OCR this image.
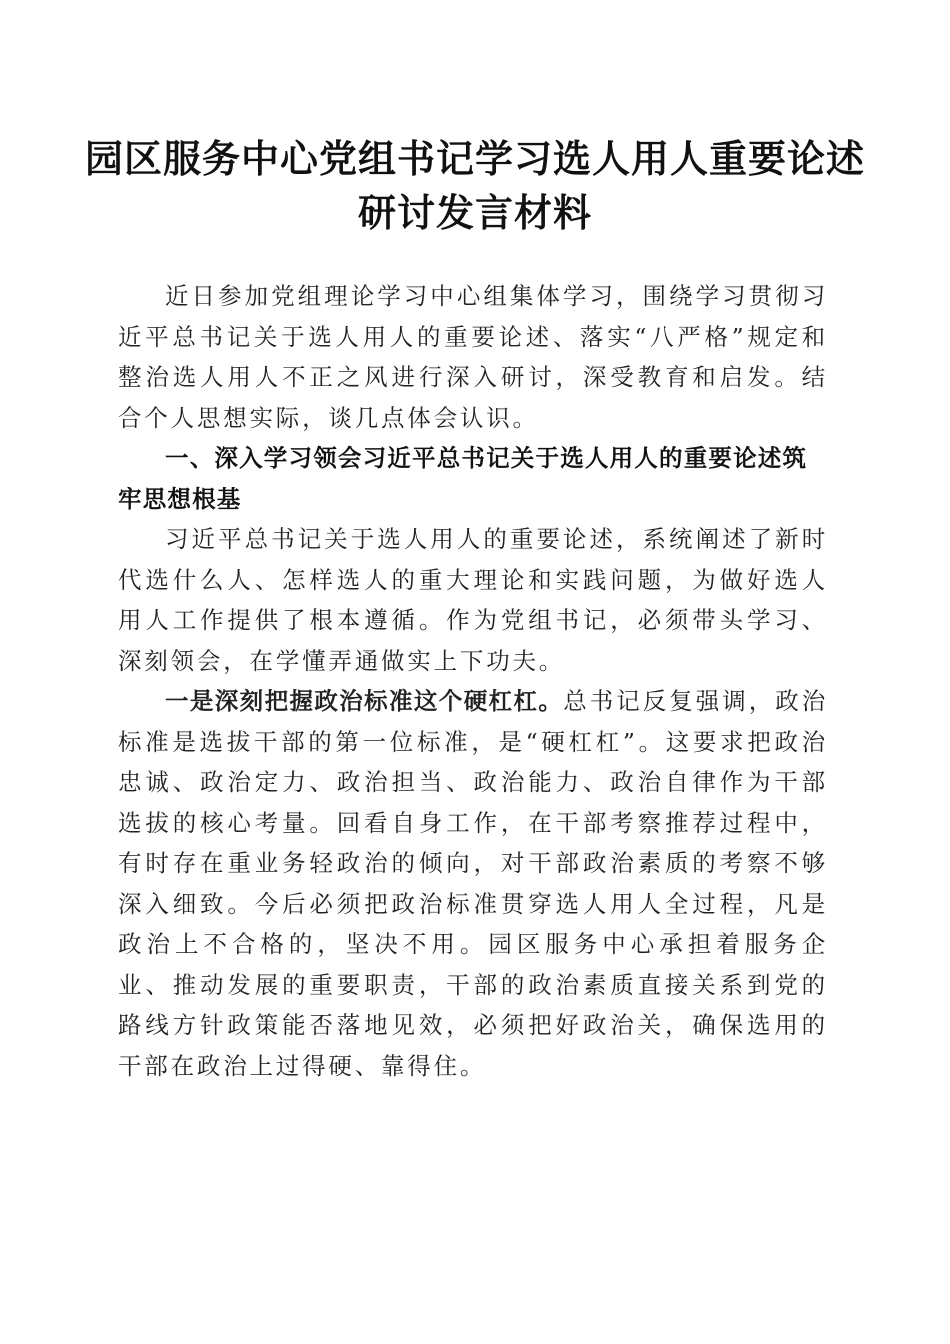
园区服务中心党组书记学习选人用人重要论述
研讨发言材料

近日参加党组理论学习中心组集体学习，围绕学习贯彻习近平总书记关于选人用人的重要论述、落实“八严格”规定和整治选人用人不正之风进行深入研讨，深受教育和启发。结合个人思想实际，谈几点体会认识。

一、深入学习领会习近平总书记关于选人用人的重要论述筑牢思想根基

习近平总书记关于选人用人的重要论述，系统阐述了新时代选什么人、怎样选人的重大理论和实践问题，为做好选人用人工作提供了根本遵循。作为党组书记，必须带头学习、深刻领会，在学懂弄通做实上下功夫。

一是深刻把握政治标准这个硬杠杠。总书记反复强调，政治标准是选拔干部的第一位标准，是“硬杠杠”。这要求把政治忠诚、政治定力、政治担当、政治能力、政治自律作为干部选拔的核心考量。回看自身工作，在干部考察推荐过程中，有时存在重业务轻政治的倾向，对干部政治素质的考察不够深入细致。今后必须把政治标准贯穿选人用人全过程，凡是政治上不合格的，坚决不用。园区服务中心承担着服务企业、推动发展的重要职责，干部的政治素质直接关系到党的路线方针政策能否落地见效，必须把好政治关，确保选用的干部在政治上过得硬、靠得住。
